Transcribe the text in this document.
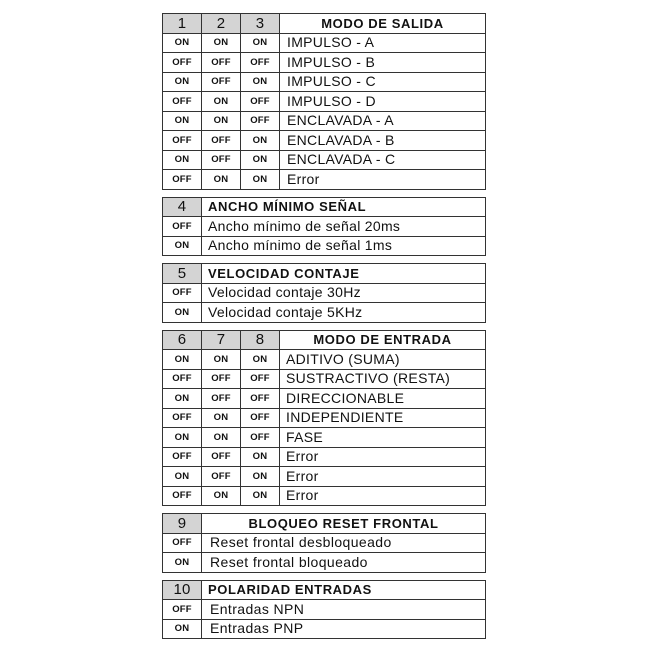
1	2	3	MODO DE SALIDA
ON	ON	ON	IMPULSO - A
OFF	OFF	OFF	IMPULSO - B
ON	OFF	ON	IMPULSO - C
OFF	ON	OFF	IMPULSO - D
ON	ON	OFF	ENCLAVADA - A
OFF	OFF	ON	ENCLAVADA - B
ON	OFF	ON	ENCLAVADA - C
OFF	ON	ON	Error
4	ANCHO MÍNIMO SEÑAL
OFF	Ancho mínimo de señal 20ms
ON	Ancho mínimo de señal 1ms
5	VELOCIDAD CONTAJE
OFF	Velocidad contaje 30Hz
ON	Velocidad contaje 5KHz
6	7	8	MODO DE ENTRADA
ON	ON	ON	ADITIVO (SUMA)
OFF	OFF	OFF	SUSTRACTIVO (RESTA)
ON	OFF	OFF	DIRECCIONABLE
OFF	ON	OFF	INDEPENDIENTE
ON	ON	OFF	FASE
OFF	OFF	ON	Error
ON	OFF	ON	Error
OFF	ON	ON	Error
9	BLOQUEO RESET FRONTAL
OFF	Reset frontal desbloqueado
ON	Reset frontal bloqueado
10	POLARIDAD ENTRADAS
OFF	Entradas NPN
ON	Entradas PNP
